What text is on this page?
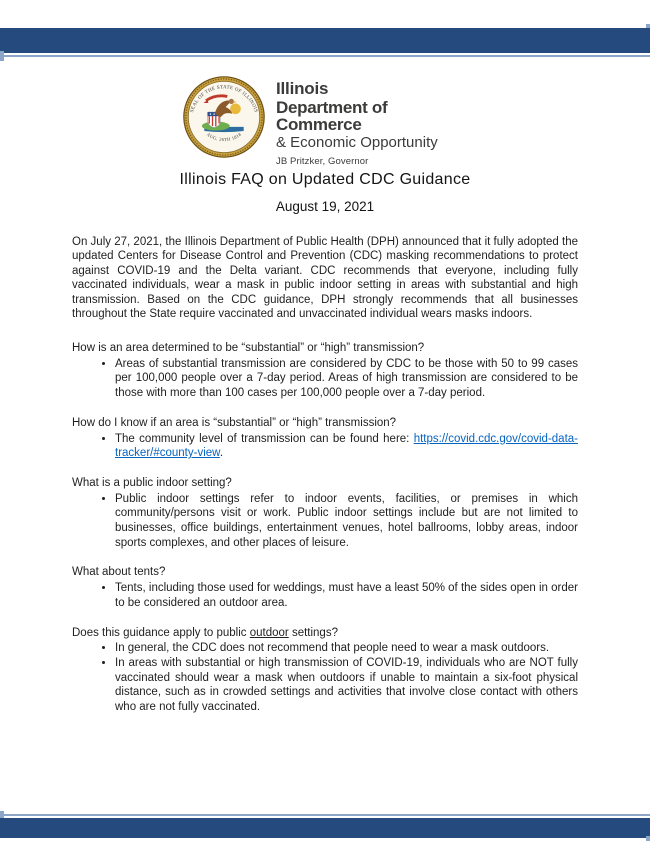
SEAL OF THE STATE OF ILLINOIS
AUG. 26TH 1818
Illinois
Department of Commerce
& Economic Opportunity
JB Pritzker, Governor
Illinois FAQ on Updated CDC Guidance
August 19, 2021

On July 27, 2021, the Illinois Department of Public Health (DPH) announced that it fully adopted the updated Centers for Disease Control and Prevention (CDC) masking recommendations to protect against COVID-19 and the Delta variant. CDC recommends that everyone, including fully vaccinated individuals, wear a mask in public indoor setting in areas with substantial and high transmission. Based on the CDC guidance, DPH strongly recommends that all businesses throughout the State require vaccinated and unvaccinated individual wears masks indoors.

How is an area determined to be “substantial” or “high” transmission?
• Areas of substantial transmission are considered by CDC to be those with 50 to 99 cases per 100,000 people over a 7-day period. Areas of high transmission are considered to be those with more than 100 cases per 100,000 people over a 7-day period.
How do I know if an area is “substantial” or “high” transmission?
• The community level of transmission can be found here: https://covid.cdc.gov/covid-data-tracker/#county-view.
What is a public indoor setting?
• Public indoor settings refer to indoor events, facilities, or premises in which community/persons visit or work. Public indoor settings include but are not limited to businesses, office buildings, entertainment venues, hotel ballrooms, lobby areas, indoor sports complexes, and other places of leisure.
What about tents?
• Tents, including those used for weddings, must have a least 50% of the sides open in order to be considered an outdoor area.
Does this guidance apply to public outdoor settings?
• In general, the CDC does not recommend that people need to wear a mask outdoors.
• In areas with substantial or high transmission of COVID-19, individuals who are NOT fully vaccinated should wear a mask when outdoors if unable to maintain a six-foot physical distance, such as in crowded settings and activities that involve close contact with others who are not fully vaccinated.
